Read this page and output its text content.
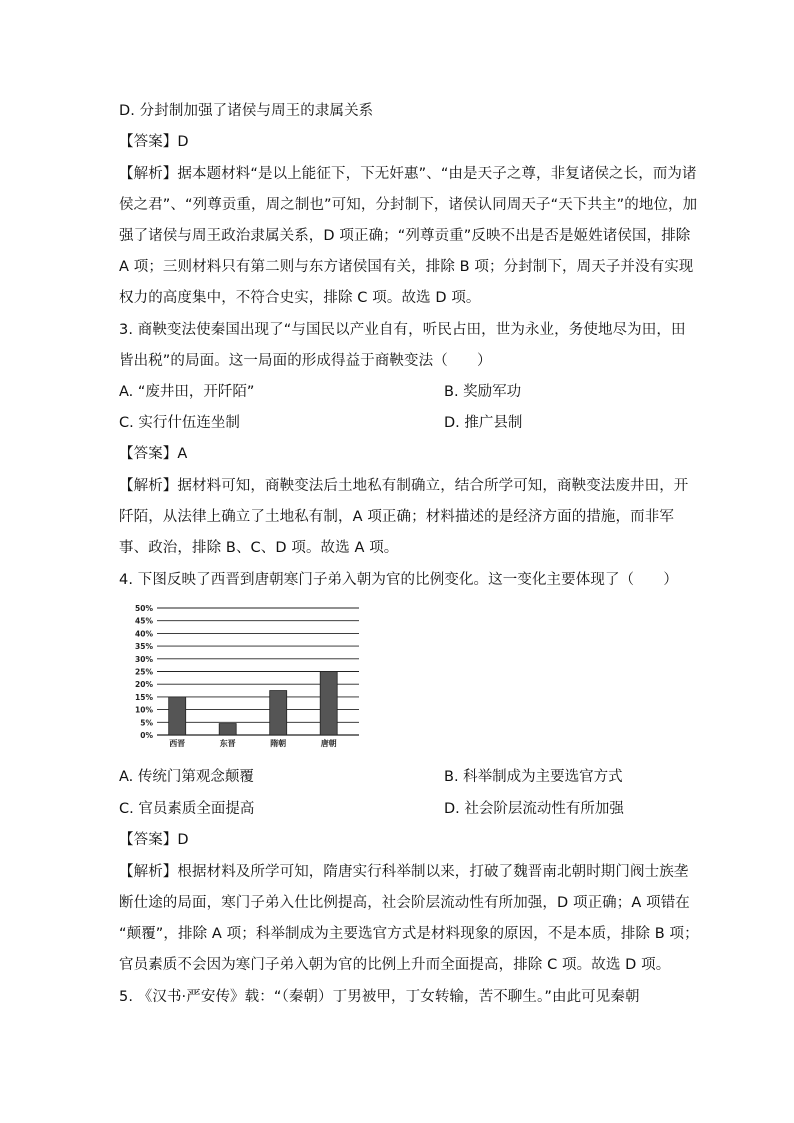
D. 分封制加强了诸侯与周王的隶属关系
【答案】D
【解析】据本题材料“是以上能征下，下无奸惠”、“由是天子之尊，非复诸侯之长，而为诸
侯之君”、“列尊贡重，周之制也”可知，分封制下，诸侯认同周天子“天下共主”的地位，加
强了诸侯与周王政治隶属关系，D 项正确；“列尊贡重”反映不出是否是姬姓诸侯国，排除
A 项；三则材料只有第二则与东方诸侯国有关，排除 B 项；分封制下，周天子并没有实现
权力的高度集中，不符合史实，排除 C 项。故选 D 项。
3. 商鞅变法使秦国出现了“与国民以产业自有，听民占田，世为永业，务使地尽为田，田
皆出税”的局面。这一局面的形成得益于商鞅变法（　　）
A. “废井田，开阡陌”	B. 奖励军功
C. 实行什伍连坐制	D. 推广县制
【答案】A
【解析】据材料可知，商鞅变法后土地私有制确立，结合所学可知，商鞅变法废井田，开
阡陌，从法律上确立了土地私有制，A 项正确；材料描述的是经济方面的措施，而非军
事、政治，排除 B、C、D 项。故选 A 项。
4. 下图反映了西晋到唐朝寒门子弟入朝为官的比例变化。这一变化主要体现了（　　）
0%
5%
10%
15%
20%
25%
30%
35%
40%
45%
50%
西晋	东晋	隋朝	唐朝
A. 传统门第观念颠覆	B. 科举制成为主要选官方式
C. 官员素质全面提高	D. 社会阶层流动性有所加强
【答案】D
【解析】根据材料及所学可知，隋唐实行科举制以来，打破了魏晋南北朝时期门阀士族垄
断仕途的局面，寒门子弟入仕比例提高，社会阶层流动性有所加强，D 项正确；A 项错在
“颠覆”，排除 A 项；科举制成为主要选官方式是材料现象的原因，不是本质，排除 B 项；
官员素质不会因为寒门子弟入朝为官的比例上升而全面提高，排除 C 项。故选 D 项。
5. 《汉书·严安传》载：“（秦朝）丁男被甲，丁女转输，苦不聊生。”由此可见秦朝
